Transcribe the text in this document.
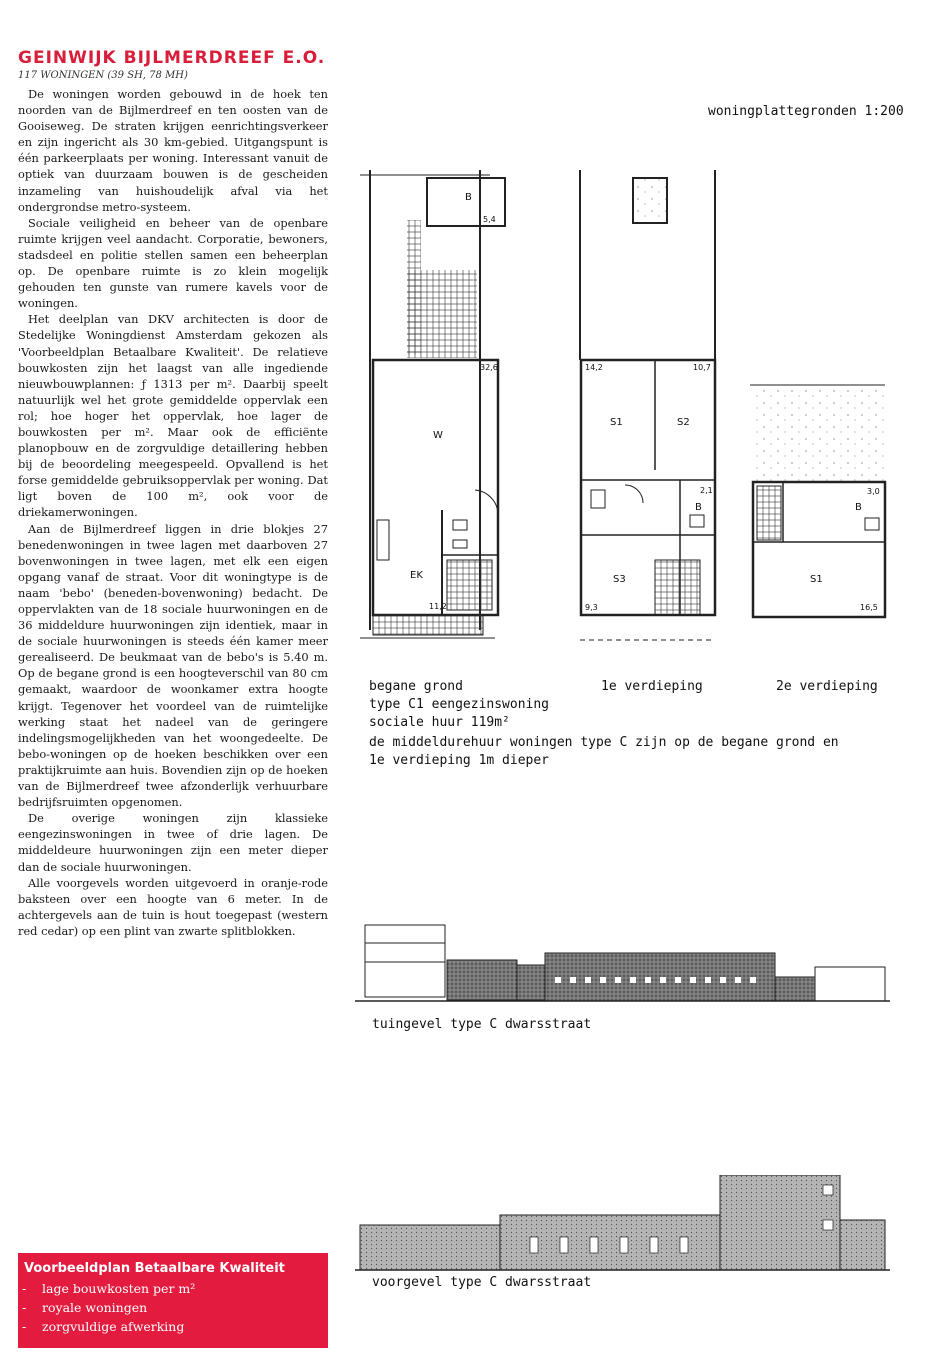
GEINWIJK BIJLMERDREEF E.O.
117 WONINGEN (39 SH, 78 MH)

De woningen worden gebouwd in de hoek ten noorden van de Bijlmerdreef en ten oosten van de Gooiseweg. De straten krijgen eenrichtingsverkeer en zijn ingericht als 30 km-gebied. Uitgangspunt is één parkeerplaats per woning. Interessant vanuit de optiek van duurzaam bouwen is de gescheiden inzameling van huishoudelijk afval via het ondergrondse metro-systeem.

Sociale veiligheid en beheer van de openbare ruimte krijgen veel aandacht. Corporatie, bewoners, stadsdeel en politie stellen samen een beheerplan op. De openbare ruimte is zo klein mogelijk gehouden ten gunste van rumere kavels voor de woningen.

Het deelplan van DKV architecten is door de Stedelijke Woningdienst Amsterdam gekozen als 'Voorbeeldplan Betaalbare Kwaliteit'. De relatieve bouwkosten zijn het laagst van alle ingediende nieuwbouwplannen: ƒ 1313 per m². Daarbij speelt natuurlijk wel het grote gemiddelde oppervlak een rol; hoe hoger het oppervlak, hoe lager de bouwkosten per m². Maar ook de efficiënte planopbouw en de zorgvuldige detaillering hebben bij de beoordeling meegespeeld. Opvallend is het forse gemiddelde gebruiksoppervlak per woning. Dat ligt boven de 100 m², ook voor de driekamerwoningen.

Aan de Bijlmerdreef liggen in drie blokjes 27 benedenwoningen in twee lagen met daarboven 27 bovenwoningen in twee lagen, met elk een eigen opgang vanaf de straat. Voor dit woningtype is de naam 'bebo' (beneden-bovenwoning) bedacht. De oppervlakten van de 18 sociale huurwoningen en de 36 middeldure huurwoningen zijn identiek, maar in de sociale huurwoningen is steeds één kamer meer gerealiseerd. De beukmaat van de bebo's is 5.40 m. Op de begane grond is een hoogteverschil van 80 cm gemaakt, waardoor de woonkamer extra hoogte krijgt. Tegenover het voordeel van de ruimtelijke werking staat het nadeel van de geringere indelingsmogelijkheden van het woongedeelte. De bebo-woningen op de hoeken beschikken over een praktijkruimte aan huis. Bovendien zijn op de hoeken van de Bijlmerdreef twee afzonderlijk verhuurbare bedrijfsruimten opgenomen.

De overige woningen zijn klassieke eengezinswoningen in twee of drie lagen. De middeldeure huurwoningen zijn een meter dieper dan de sociale huurwoningen.

Alle voorgevels worden uitgevoerd in oranje-rode baksteen over een hoogte van 6 meter. In de achtergevels aan de tuin is hout toegepast (western red cedar) op een plint van zwarte splitblokken.

woningplattegronden 1:200
B
5,4
W
32,6
EK
11,2
S1
14,2
S2
10,7
B
2,1
S3
9,3
B
3,0
S1
16,5
begane grond	1e verdieping	2e verdieping
type C1 eengezinswoning
sociale huur 119m²
de middeldurehuur woningen type C zijn op de begane grond en
1e verdieping 1m dieper
tuingevel type C dwarsstraat
voorgevel type C dwarsstraat
Voorbeeldplan Betaalbare Kwaliteit
- lage bouwkosten per m²
- royale woningen
- zorgvuldige afwerking
